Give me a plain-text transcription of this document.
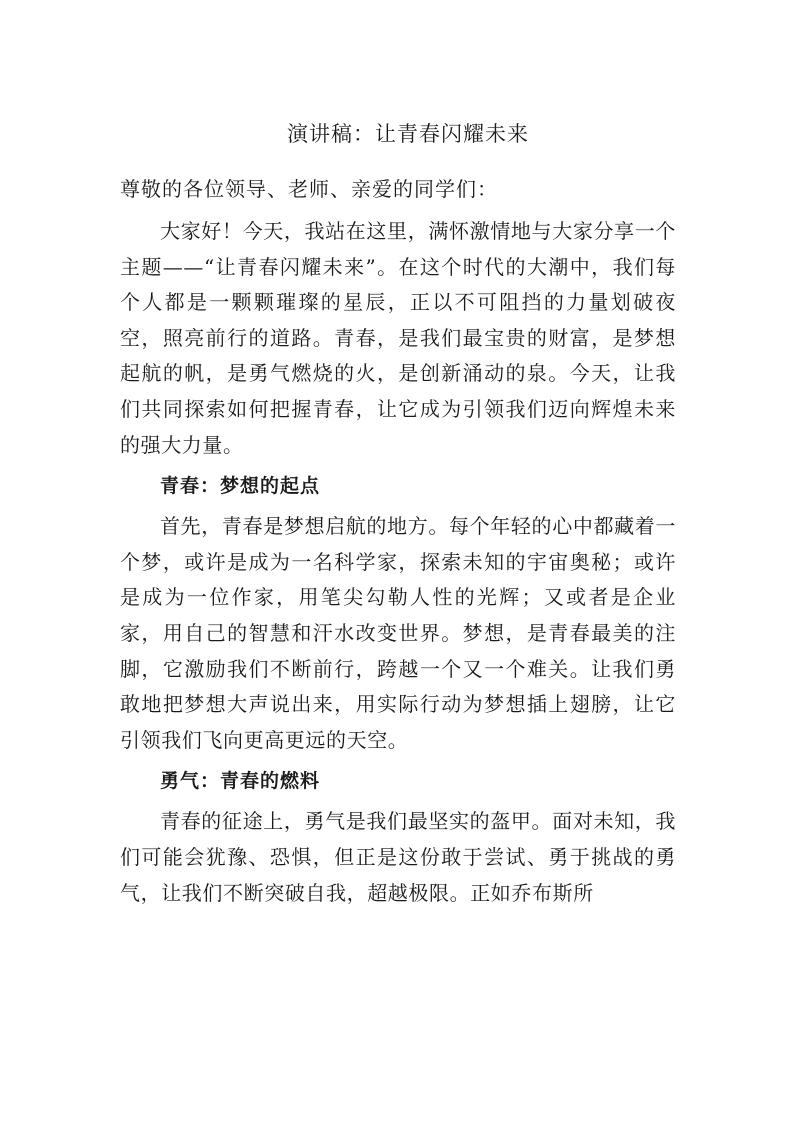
演讲稿：让青春闪耀未来

尊敬的各位领导、老师、亲爱的同学们：

大家好！今天，我站在这里，满怀激情地与大家分享一个主题——“让青春闪耀未来”。在这个时代的大潮中，我们每个人都是一颗颗璀璨的星辰，正以不可阻挡的力量划破夜空，照亮前行的道路。青春，是我们最宝贵的财富，是梦想起航的帆，是勇气燃烧的火，是创新涌动的泉。今天，让我们共同探索如何把握青春，让它成为引领我们迈向辉煌未来的强大力量。

青春：梦想的起点

首先，青春是梦想启航的地方。每个年轻的心中都藏着一个梦，或许是成为一名科学家，探索未知的宇宙奥秘；或许是成为一位作家，用笔尖勾勒人性的光辉；又或者是企业家，用自己的智慧和汗水改变世界。梦想，是青春最美的注脚，它激励我们不断前行，跨越一个又一个难关。让我们勇敢地把梦想大声说出来，用实际行动为梦想插上翅膀，让它引领我们飞向更高更远的天空。

勇气：青春的燃料

青春的征途上，勇气是我们最坚实的盔甲。面对未知，我们可能会犹豫、恐惧，但正是这份敢于尝试、勇于挑战的勇气，让我们不断突破自我，超越极限。正如乔布斯所
